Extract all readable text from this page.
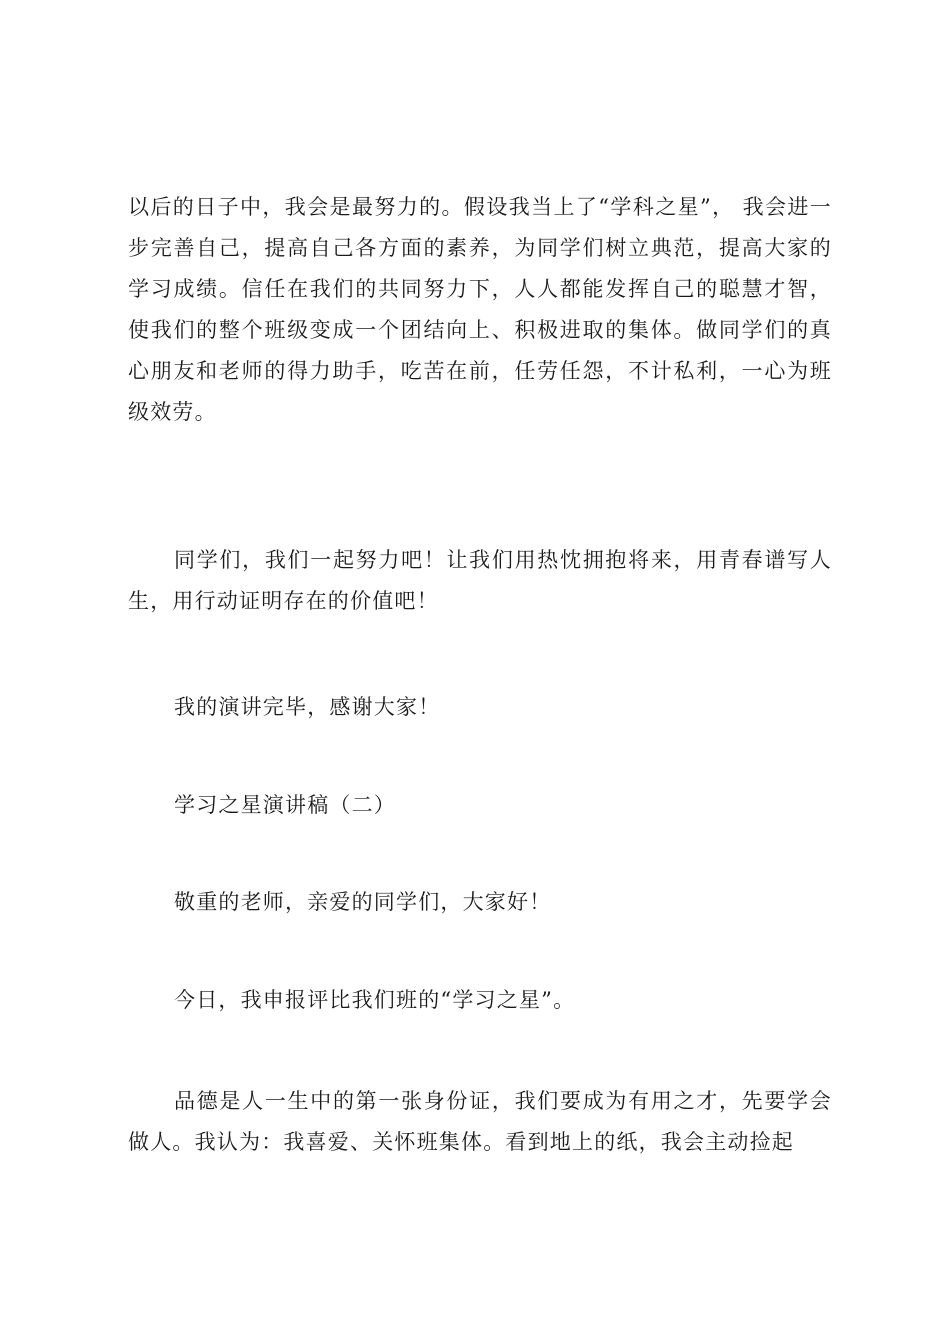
以后的日子中，我会是最努力的。假设我当上了“学科之星”， 我会进一步完善自己，提高自己各方面的素养，为同学们树立典范，提高大家的学习成绩。信任在我们的共同努力下，人人都能发挥自己的聪慧才智，使我们的整个班级变成一个团结向上、积极进取的集体。做同学们的真心朋友和老师的得力助手，吃苦在前，任劳任怨，不计私利，一心为班级效劳。

同学们，我们一起努力吧！让我们用热忱拥抱将来，用青春谱写人生，用行动证明存在的价值吧！

我的演讲完毕，感谢大家！

学习之星演讲稿（二）

敬重的老师，亲爱的同学们，大家好！

今日，我申报评比我们班的“学习之星”。

品德是人一生中的第一张身份证，我们要成为有用之才，先要学会做人。我认为：我喜爱、关怀班集体。看到地上的纸，我会主动捡起
